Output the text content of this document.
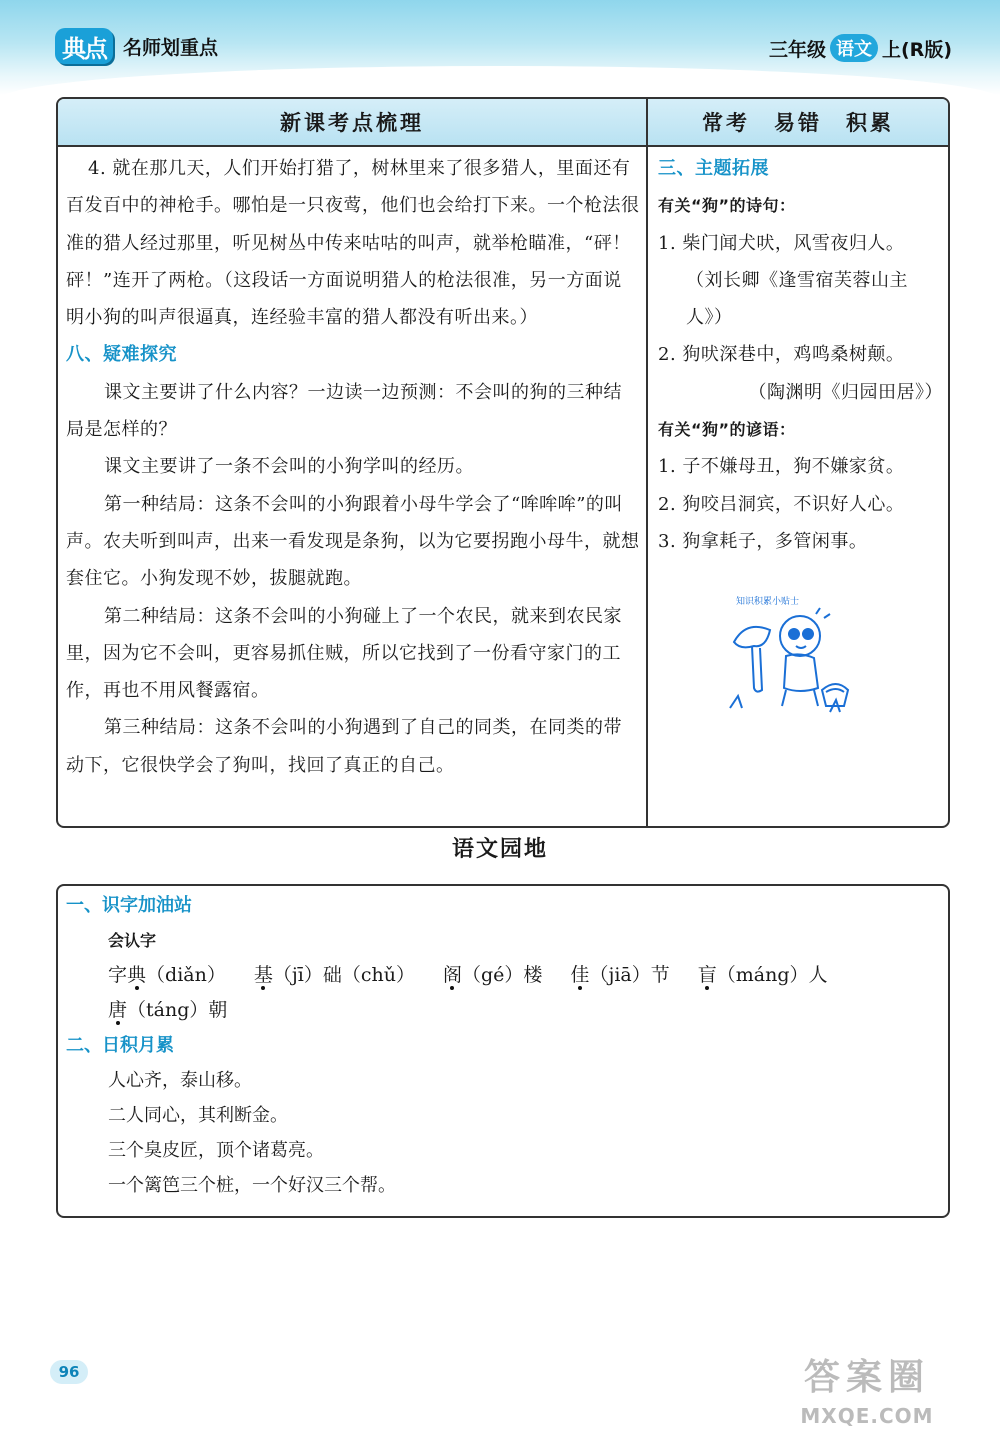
典点 名师划重点	三年级 语文 上(R版)
新课考点梳理	常考　易错　积累

4. 就在那几天，人们开始打猎了，树林里来了很多猎人，里面还有百发百中的神枪手。哪怕是一只夜莺，他们也会给打下来。一个枪法很准的猎人经过那里，听见树丛中传来咕咕的叫声，就举枪瞄准，“砰！砰！”连开了两枪。（这段话一方面说明猎人的枪法很准，另一方面说明小狗的叫声很逼真，连经验丰富的猎人都没有听出来。）

八、疑难探究

课文主要讲了什么内容？一边读一边预测：不会叫的狗的三种结局是怎样的？

课文主要讲了一条不会叫的小狗学叫的经历。

第一种结局：这条不会叫的小狗跟着小母牛学会了“哞哞哞”的叫声。农夫听到叫声，出来一看发现是条狗，以为它要拐跑小母牛，就想套住它。小狗发现不妙，拔腿就跑。

第二种结局：这条不会叫的小狗碰上了一个农民，就来到农民家里，因为它不会叫，更容易抓住贼，所以它找到了一份看守家门的工作，再也不用风餐露宿。

第三种结局：这条不会叫的小狗遇到了自己的同类，在同类的带动下，它很快学会了狗叫，找回了真正的自己。

三、主题拓展
有关“狗”的诗句：

1. 柴门闻犬吠，风雪夜归人。

（刘长卿《逢雪宿芙蓉山主人》）

2. 狗吠深巷中，鸡鸣桑树颠。

（陶渊明《归园田居》）

有关“狗”的谚语：

1. 子不嫌母丑，狗不嫌家贫。

2. 狗咬吕洞宾，不识好人心。

3. 狗拿耗子，多管闲事。

知识积累小贴士
语文园地
一、识字加油站
会认字
字典（diǎn） 基（jī）础（chǔ） 阁（gé）楼 佳（jiā）节 盲（máng）人
唐（táng）朝
二、日积月累
人心齐，泰山移。
二人同心，其利断金。
三个臭皮匠，顶个诸葛亮。
一个篱笆三个桩，一个好汉三个帮。
96	答案圈
MXQE.COM
